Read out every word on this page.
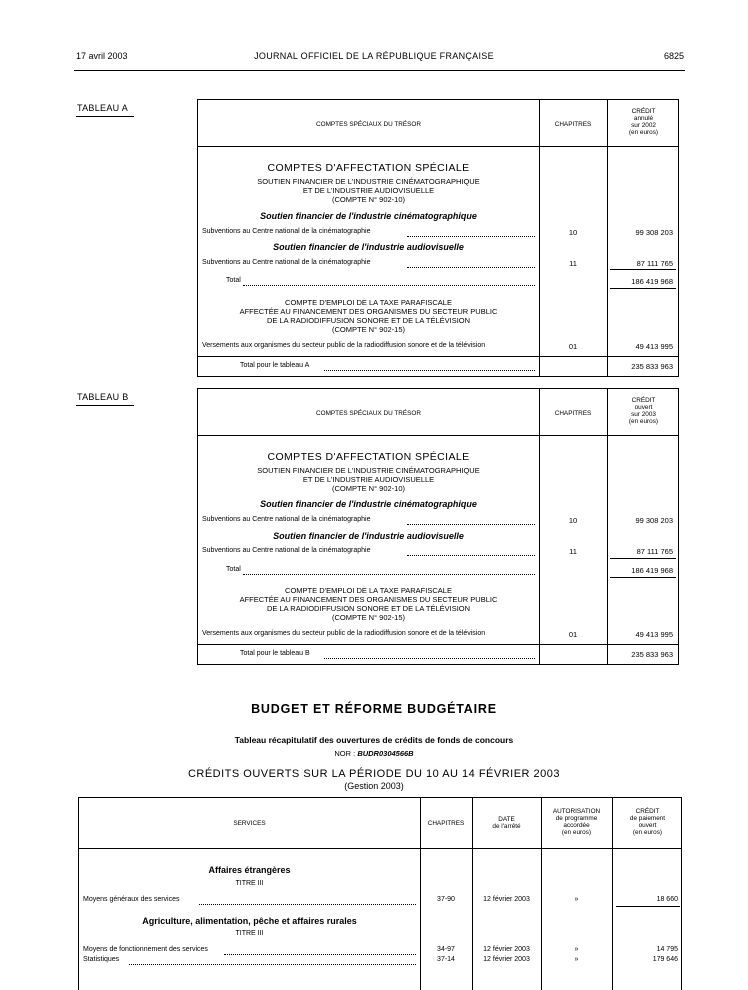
17 avril 2003	JOURNAL OFFICIEL DE LA RÉPUBLIQUE FRANÇAISE	6825
TABLEAU A
COMPTES SPÉCIAUX DU TRÉSOR	CHAPITRES
CRÉDIT
annulé
sur 2002
(en euros)
COMPTES D'AFFECTATION SPÉCIALE
SOUTIEN FINANCIER DE L'INDUSTRIE CINÉMATOGRAPHIQUE
ET DE L'INDUSTRIE AUDIOVISUELLE
(COMPTE N° 902-10)
Soutien financier de l'industrie cinématographique
Subventions au Centre national de la cinématographie	10	99 308 203
Soutien financier de l'industrie audiovisuelle
Subventions au Centre national de la cinématographie	11	87 111 765
Total	186 419 968
COMPTE D'EMPLOI DE LA TAXE PARAFISCALE
AFFECTÉE AU FINANCEMENT DES ORGANISMES DU SECTEUR PUBLIC
DE LA RADIODIFFUSION SONORE ET DE LA TÉLÉVISION
(COMPTE N° 902-15)
Versements aux organismes du secteur public de la radiodiffusion sonore et de la télévision	01	49 413 995
Total pour le tableau A	235 833 963
TABLEAU B
COMPTES SPÉCIAUX DU TRÉSOR	CHAPITRES
CRÉDIT
ouvert
sur 2003
(en euros)
COMPTES D'AFFECTATION SPÉCIALE
SOUTIEN FINANCIER DE L'INDUSTRIE CINÉMATOGRAPHIQUE
ET DE L'INDUSTRIE AUDIOVISUELLE
(COMPTE N° 902-10)
Soutien financier de l'industrie cinématographique
Subventions au Centre national de la cinématographie	10	99 308 203
Soutien financier de l'industrie audiovisuelle
Subventions au Centre national de la cinématographie	11	87 111 765
Total	186 419 968
COMPTE D'EMPLOI DE LA TAXE PARAFISCALE
AFFECTÉE AU FINANCEMENT DES ORGANISMES DU SECTEUR PUBLIC
DE LA RADIODIFFUSION SONORE ET DE LA TÉLÉVISION
(COMPTE N° 902-15)
Versements aux organismes du secteur public de la radiodiffusion sonore et de la télévision	01	49 413 995
Total pour le tableau B	235 833 963
BUDGET ET RÉFORME BUDGÉTAIRE
Tableau récapitulatif des ouvertures de crédits de fonds de concours
NOR : BUDR0304566B
CRÉDITS OUVERTS SUR LA PÉRIODE DU 10 AU 14 FÉVRIER 2003
(Gestion 2003)
SERVICES	CHAPITRES
DATE
de l'arrêté
AUTORISATION
de programme
accordée
(en euros)
CRÉDIT
de paiement
ouvert
(en euros)
Affaires étrangères
TITRE III
Moyens généraux des services	37-90	12 février 2003	»	18 660
Agriculture, alimentation, pêche et affaires rurales
TITRE III
Moyens de fonctionnement des services	34-97	12 février 2003	»	14 795
Statistiques	37-14	12 février 2003	»	179 646
